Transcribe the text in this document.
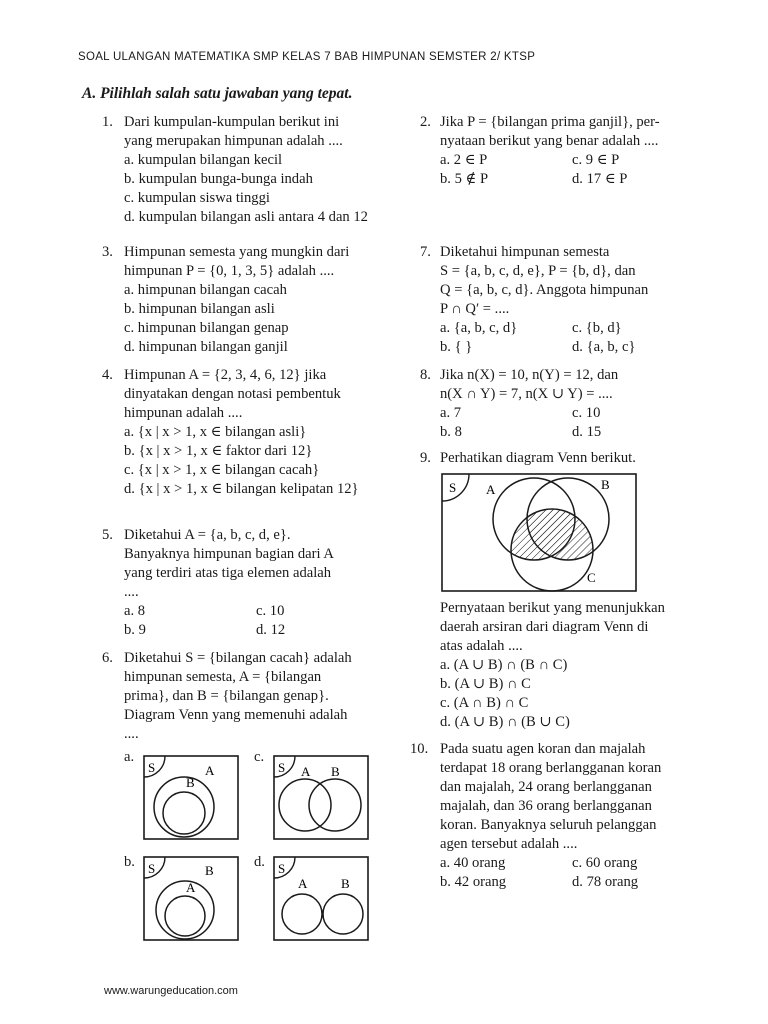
SOAL ULANGAN MATEMATIKA SMP KELAS 7 BAB HIMPUNAN SEMSTER 2/ KTSP
A. Pilihlah salah satu jawaban yang tepat.
1. Dari kumpulan-kumpulan berikut ini
yang merupakan himpunan adalah ....
a. kumpulan bilangan kecil
b. kumpulan bunga-bunga indah
c. kumpulan siswa tinggi
d. kumpulan bilangan asli antara 4 dan 12
3. Himpunan semesta yang mungkin dari
himpunan P = {0, 1, 3, 5} adalah ....
a. himpunan bilangan cacah
b. himpunan bilangan asli
c. himpunan bilangan genap
d. himpunan bilangan ganjil
4. Himpunan A = {2, 3, 4, 6, 12} jika
dinyatakan dengan notasi pembentuk
himpunan adalah ....
a. {x | x > 1, x ∈ bilangan asli}
b. {x | x > 1, x ∈ faktor dari 12}
c. {x | x > 1, x ∈ bilangan cacah}
d. {x | x > 1, x ∈ bilangan kelipatan 12}
5. Diketahui A = {a, b, c, d, e}.
Banyaknya himpunan bagian dari A
yang terdiri atas tiga elemen adalah
....
a. 8	c. 10
b. 9	d. 12
6. Diketahui S = {bilangan cacah} adalah
himpunan semesta, A = {bilangan
prima}, dan B = {bilangan genap}.
Diagram Venn yang memenuhi adalah
....
a.
S	A
B
c.
S A B
b. S	B
A
d. S
A	B
2. Jika P = {bilangan prima ganjil}, per-
nyataan berikut yang benar adalah ....
a. 2 ∈ P	c. 9 ∈ P
b. 5 ∉ P	d. 17 ∈ P
7. Diketahui himpunan semesta
S = {a, b, c, d, e}, P = {b, d}, dan
Q = {a, b, c, d}. Anggota himpunan
P ∩ Q′ = ....
a. {a, b, c, d}	c. {b, d}
b. { }	d. {a, b, c}
8. Jika n(X) = 10, n(Y) = 12, dan
n(X ∩ Y) = 7, n(X ∪ Y) = ....
a. 7	c. 10
b. 8	d. 15
9. Perhatikan diagram Venn berikut.
Pernyataan berikut yang menunjukkan
daerah arsiran dari diagram Venn di
atas adalah ....
a. (A ∪ B) ∩ (B ∩ C)
b. (A ∪ B) ∩ C
c. (A ∩ B) ∩ C
d. (A ∪ B) ∩ (B ∪ C)
10. Pada suatu agen koran dan majalah
terdapat 18 orang berlangganan koran
dan majalah, 24 orang berlangganan
majalah, dan 36 orang berlangganan
koran. Banyaknya seluruh pelanggan
agen tersebut adalah ....
a. 40 orang	c. 60 orang
b. 42 orang	d. 78 orang
S A	B
C
www.warungeducation.com
